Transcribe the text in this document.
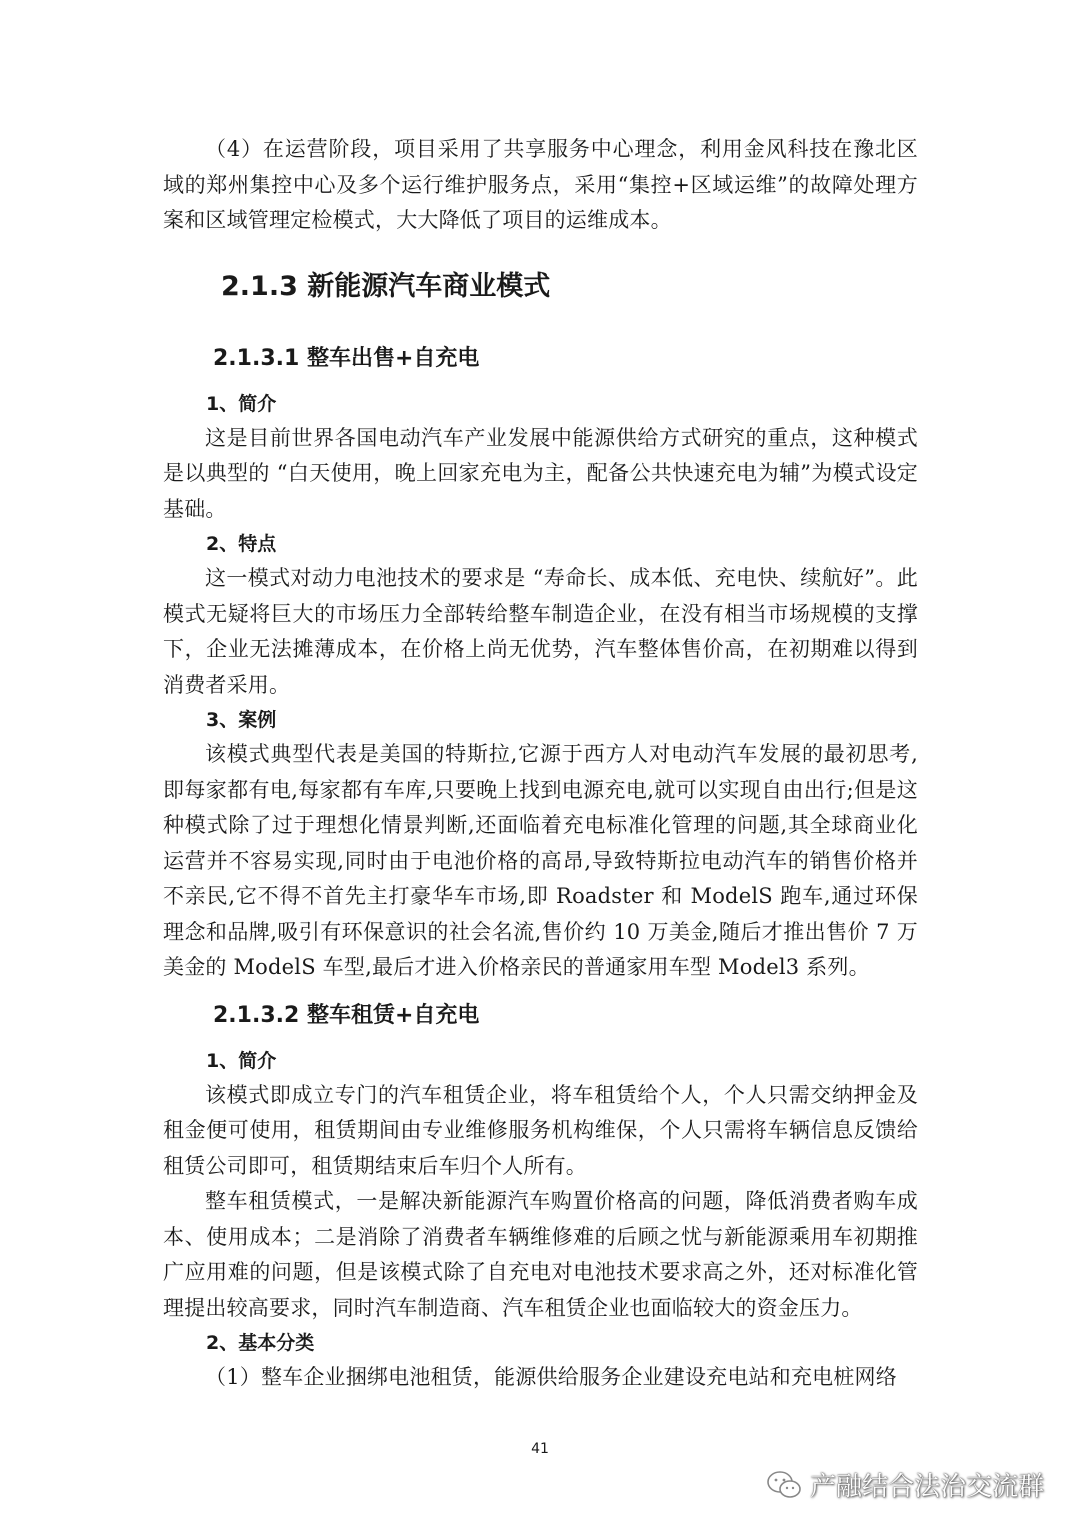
（4）在运营阶段，项目采用了共享服务中心理念，利用金风科技在豫北区域的郑州集控中心及多个运行维护服务点，采用“集控+区域运维”的故障处理方案和区域管理定检模式，大大降低了项目的运维成本。

2.1.3 新能源汽车商业模式
2.1.3.1 整车出售+自充电
1、简介

这是目前世界各国电动汽车产业发展中能源供给方式研究的重点，这种模式是以典型的 “白天使用，晚上回家充电为主，配备公共快速充电为辅”为模式设定基础。

2、特点

这一模式对动力电池技术的要求是 “寿命长、成本低、充电快、续航好”。此模式无疑将巨大的市场压力全部转给整车制造企业，在没有相当市场规模的支撑下，企业无法摊薄成本，在价格上尚无优势，汽车整体售价高，在初期难以得到消费者采用。

3、案例

该模式典型代表是美国的特斯拉,它源于西方人对电动汽车发展的最初思考,即每家都有电,每家都有车库,只要晚上找到电源充电,就可以实现自由出行;但是这种模式除了过于理想化情景判断,还面临着充电标准化管理的问题,其全球商业化运营并不容易实现,同时由于电池价格的高昂,导致特斯拉电动汽车的销售价格并不亲民,它不得不首先主打豪华车市场,即 Roadster 和 ModelS 跑车,通过环保理念和品牌,吸引有环保意识的社会名流,售价约 10 万美金,随后才推出售价 7 万美金的 ModelS 车型,最后才进入价格亲民的普通家用车型 Model3 系列。

2.1.3.2 整车租赁+自充电
1、简介

该模式即成立专门的汽车租赁企业，将车租赁给个人，个人只需交纳押金及租金便可使用，租赁期间由专业维修服务机构维保，个人只需将车辆信息反馈给租赁公司即可，租赁期结束后车归个人所有。

整车租赁模式，一是解决新能源汽车购置价格高的问题，降低消费者购车成本、使用成本；二是消除了消费者车辆维修难的后顾之忧与新能源乘用车初期推广应用难的问题，但是该模式除了自充电对电池技术要求高之外，还对标准化管理提出较高要求，同时汽车制造商、汽车租赁企业也面临较大的资金压力。

2、基本分类

（1）整车企业捆绑电池租赁，能源供给服务企业建设充电站和充电桩网络

41
产融结合法治交流群
